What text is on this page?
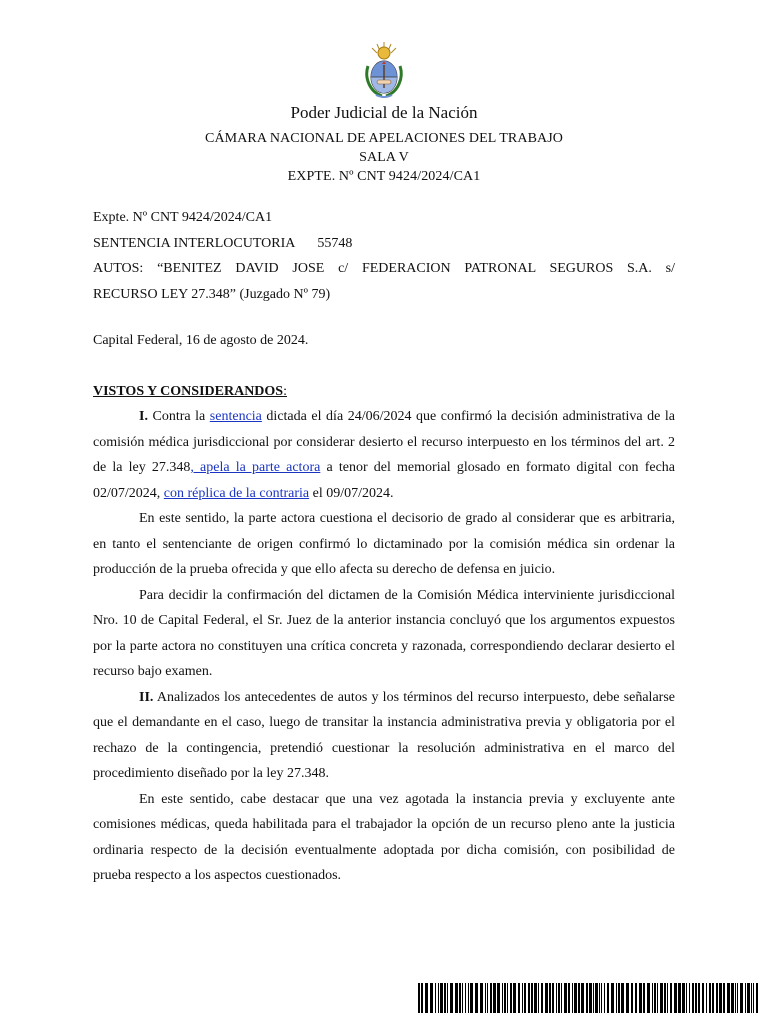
Poder Judicial de la Nación

CÁMARA NACIONAL DE APELACIONES DEL TRABAJO

SALA V

EXPTE. Nº CNT 9424/2024/CA1

Expte. Nº CNT 9424/2024/CA1

SENTENCIA INTERLOCUTORIA 55748

AUTOS: “BENITEZ DAVID JOSE c/ FEDERACION PATRONAL SEGUROS S.A. s/

RECURSO LEY 27.348” (Juzgado Nº 79)

Capital Federal, 16 de agosto de 2024.

VISTOS Y CONSIDERANDOS:

I. Contra la sentencia dictada el día 24/06/2024 que confirmó la decisión administrativa de la comisión médica jurisdiccional por considerar desierto el recurso interpuesto en los términos del art. 2 de la ley 27.348, apela la parte actora a tenor del memorial glosado en formato digital con fecha 02/07/2024, con réplica de la contraria el 09/07/2024.

En este sentido, la parte actora cuestiona el decisorio de grado al considerar que es arbitraria, en tanto el sentenciante de origen confirmó lo dictaminado por la comisión médica sin ordenar la producción de la prueba ofrecida y que ello afecta su derecho de defensa en juicio.

Para decidir la confirmación del dictamen de la Comisión Médica interviniente jurisdiccional Nro. 10 de Capital Federal, el Sr. Juez de la anterior instancia concluyó que los argumentos expuestos por la parte actora no constituyen una crítica concreta y razonada, correspondiendo declarar desierto el recurso bajo examen.

II. Analizados los antecedentes de autos y los términos del recurso interpuesto, debe señalarse que el demandante en el caso, luego de transitar la instancia administrativa previa y obligatoria por el rechazo de la contingencia, pretendió cuestionar la resolución administrativa en el marco del procedimiento diseñado por la ley 27.348.

En este sentido, cabe destacar que una vez agotada la instancia previa y excluyente ante comisiones médicas, queda habilitada para el trabajador la opción de un recurso pleno ante la justicia ordinaria respecto de la decisión eventualmente adoptada por dicha comisión, con posibilidad de prueba respecto a los aspectos cuestionados.
